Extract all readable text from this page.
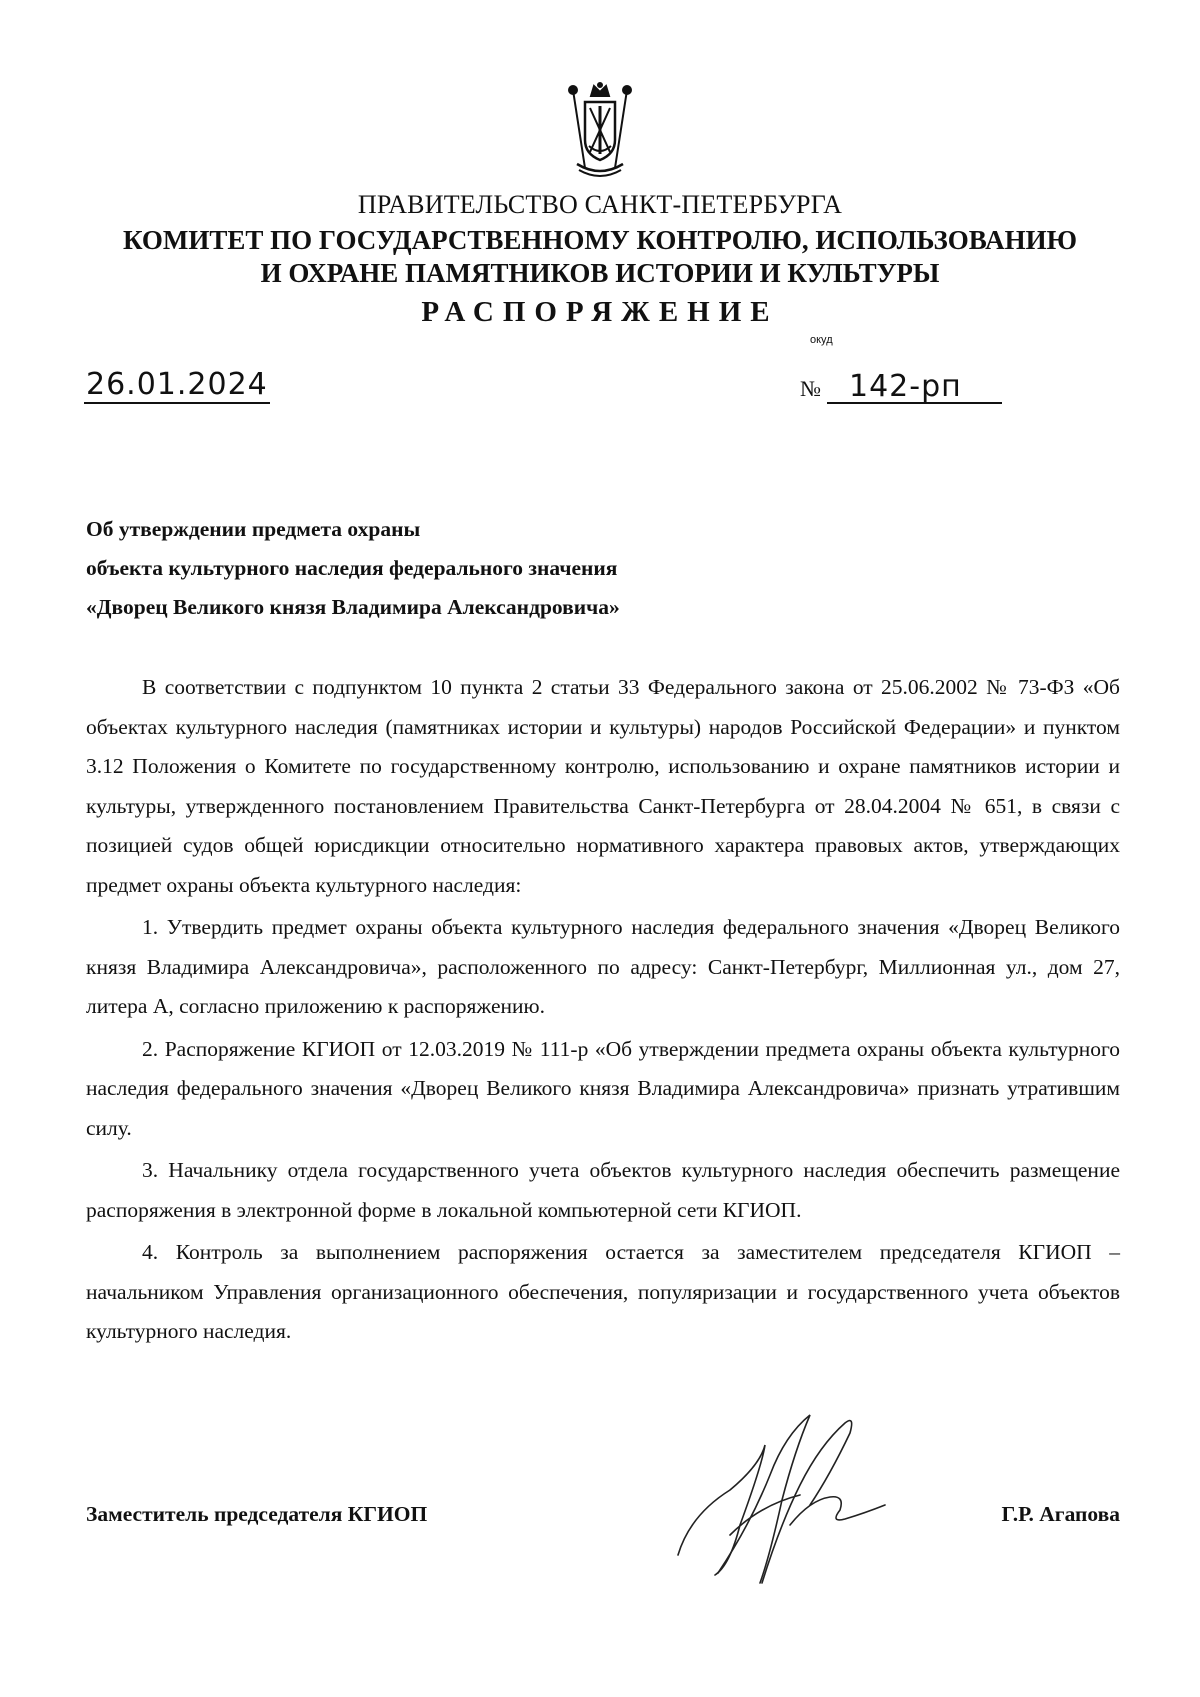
ПРАВИТЕЛЬСТВО САНКТ-ПЕТЕРБУРГА
КОМИТЕТ ПО ГОСУДАРСТВЕННОМУ КОНТРОЛЮ, ИСПОЛЬЗОВАНИЮ
И ОХРАНЕ ПАМЯТНИКОВ ИСТОРИИ И КУЛЬТУРЫ
РАСПОРЯЖЕНИЕ
окуд
26.01.2024	№ 142-рп
Об утверждении предмета охраны
объекта культурного наследия федерального значения
«Дворец Великого князя Владимира Александровича»

В соответствии с подпунктом 10 пункта 2 статьи 33 Федерального закона от 25.06.2002 № 73-ФЗ «Об объектах культурного наследия (памятниках истории и культуры) народов Российской Федерации» и пунктом 3.12 Положения о Комитете по государственному контролю, использованию и охране памятников истории и культуры, утвержденного постановлением Правительства Санкт-Петербурга от 28.04.2004 № 651, в связи с позицией судов общей юрисдикции относительно нормативного характера правовых актов, утверждающих предмет охраны объекта культурного наследия:

1. Утвердить предмет охраны объекта культурного наследия федерального значения «Дворец Великого князя Владимира Александровича», расположенного по адресу: Санкт-Петербург, Миллионная ул., дом 27, литера А, согласно приложению к распоряжению.

2. Распоряжение КГИОП от 12.03.2019 № 111-р «Об утверждении предмета охраны объекта культурного наследия федерального значения «Дворец Великого князя Владимира Александровича» признать утратившим силу.

3. Начальнику отдела государственного учета объектов культурного наследия обеспечить размещение распоряжения в электронной форме в локальной компьютерной сети КГИОП.

4. Контроль за выполнением распоряжения остается за заместителем председателя КГИОП – начальником Управления организационного обеспечения, популяризации и государственного учета объектов культурного наследия.

Заместитель председателя КГИОП	Г.Р. Агапова
